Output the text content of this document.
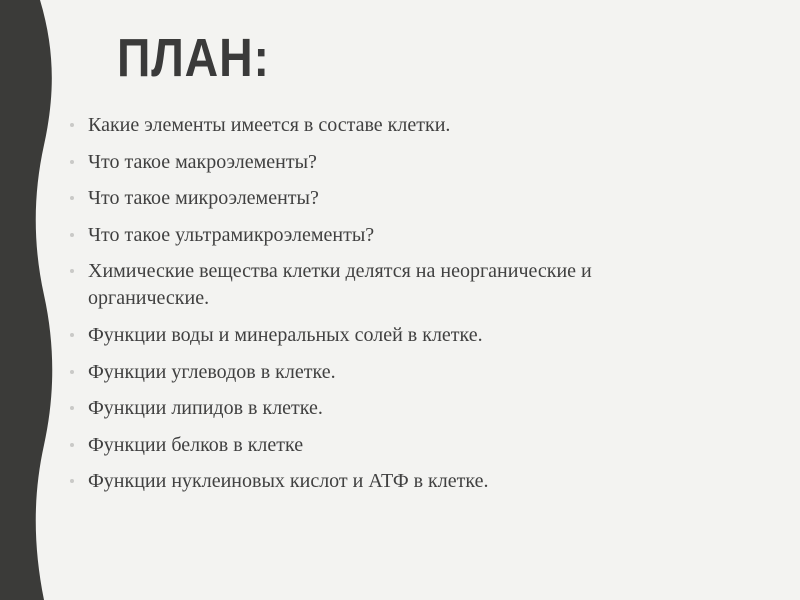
ПЛАН:
Какие элементы имеется в составе клетки.
Что такое макроэлементы?
Что такое микроэлементы?
Что такое ультрамикроэлементы?
Химические вещества клетки делятся на неорганические и органические.
Функции воды и минеральных солей в клетке.
Функции углеводов в клетке.
Функции липидов в клетке.
Функции белков в клетке
Функции нуклеиновых кислот и АТФ в клетке.
